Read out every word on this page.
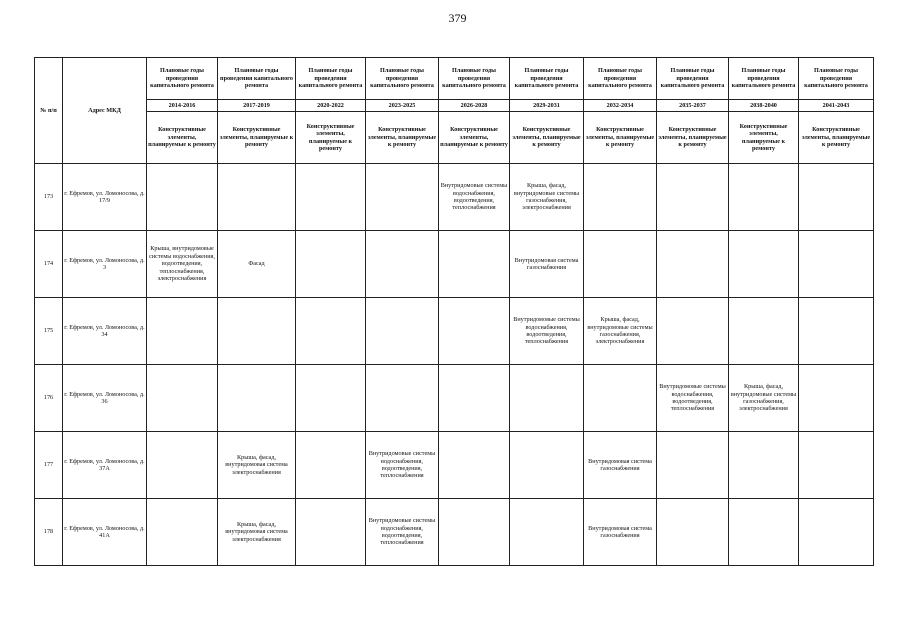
379
№ п/п	Адрес МКД	Плановые годы проведения капитального ремонта	Плановые годы проведения капитального ремонта	Плановые годы проведения капитального ремонта	Плановые годы проведения капитального ремонта	Плановые годы проведения капитального ремонта	Плановые годы проведения капитального ремонта	Плановые годы проведения капитального ремонта	Плановые годы проведения капитального ремонта	Плановые годы проведения капитального ремонта	Плановые годы проведения капитального ремонта
		2014-2016	2017-2019	2020-2022	2023-2025	2026-2028	2029-2031	2032-2034	2035-2037	2038-2040	2041-2043
		Конструктивные элементы, планируемые к ремонту	Конструктивные элементы, планируемые к ремонту	Конструктивные элементы, планируемые к ремонту	Конструктивные элементы, планируемые к ремонту	Конструктивные элементы, планируемые к ремонту	Конструктивные элементы, планируемые к ремонту	Конструктивные элементы, планируемые к ремонту	Конструктивные элементы, планируемые к ремонту	Конструктивные элементы, планируемые к ремонту	Конструктивные элементы, планируемые к ремонту
173	г. Ефремов, ул. Ломоносова, д. 17/9					Внутридомовые системы водоснабжения, водоотведения, теплоснабжения	Крыша, фасад, внутридомовые системы газоснабжения, электроснабжения				
174	г. Ефремов, ул. Ломоносова, д. 3	Крыша, внутридомовые системы водоснабжения, водоотведения, теплоснабжения, электроснабжения	Фасад				Внутридомовая система газоснабжения				
175	г. Ефремов, ул. Ломоносова, д. 34						Внутридомовые системы водоснабжения, водоотведения, теплоснабжения	Крыша, фасад, внутридомовые системы газоснабжения, электроснабжения			
176	г. Ефремов, ул. Ломоносова, д. 36								Внутридомовые системы водоснабжения, водоотведения, теплоснабжения	Крыша, фасад, внутридомовые системы газоснабжения, электроснабжения	
177	г. Ефремов, ул. Ломоносова, д. 37А		Крыша, фасад, внутридомовая система электроснабжения		Внутридомовые системы водоснабжения, водоотведения, теплоснабжения			Внутридомовая система газоснабжения			
178	г. Ефремов, ул. Ломоносова, д. 41А		Крыша, фасад, внутридомовая система электроснабжения		Внутридомовые системы водоснабжения, водоотведения, теплоснабжения			Внутридомовая система газоснабжения			
